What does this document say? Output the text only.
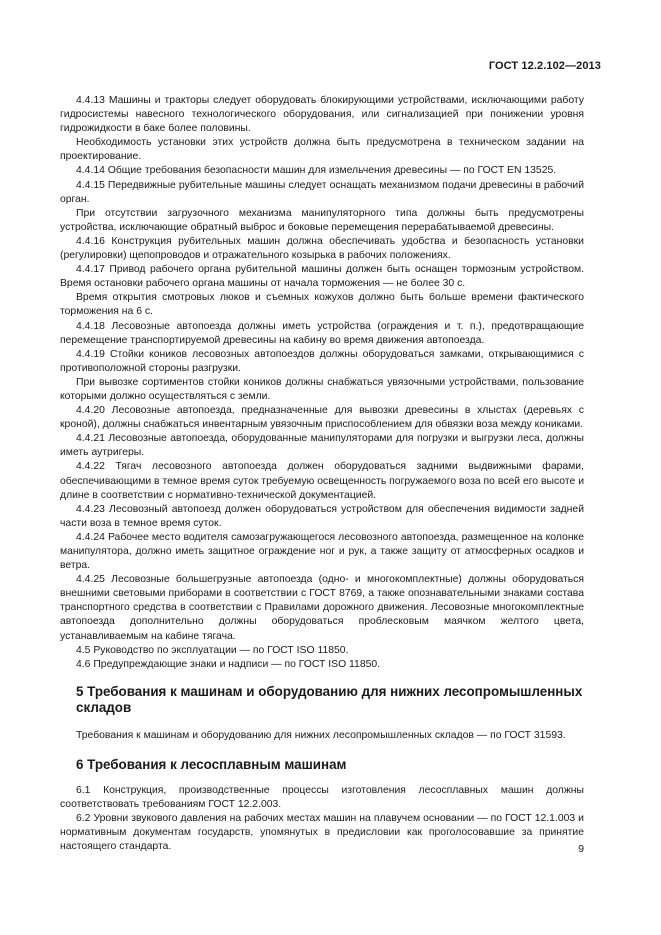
ГОСТ 12.2.102—2013

4.4.13 Машины и тракторы следует оборудовать блокирующими устройствами, исключающими работу гидросистемы навесного технологического оборудования, или сигнализацией при понижении уровня гидрожидкости в баке более половины.

Необходимость установки этих устройств должна быть предусмотрена в техническом задании на проектирование.

4.4.14 Общие требования безопасности машин для измельчения древесины — по ГОСТ EN 13525.

4.4.15 Передвижные рубительные машины следует оснащать механизмом подачи древесины в рабочий орган.

При отсутствии загрузочного механизма манипуляторного типа должны быть предусмотрены устройства, исключающие обратный выброс и боковые перемещения перерабатываемой древесины.

4.4.16 Конструкция рубительных машин должна обеспечивать удобства и безопасность установки (регулировки) щепопроводов и отражательного козырька в рабочих положениях.

4.4.17 Привод рабочего органа рубительной машины должен быть оснащен тормозным устройством. Время остановки рабочего органа машины от начала торможения — не более 30 с.

Время открытия смотровых люков и съемных кожухов должно быть больше времени фактического торможения на 6 с.

4.4.18 Лесовозные автопоезда должны иметь устройства (ограждения и т. п.), предотвращающие перемещение транспортируемой древесины на кабину во время движения автопоезда.

4.4.19 Стойки коников лесовозных автопоездов должны оборудоваться замками, открывающимися с противоположной стороны разгрузки.

При вывозке сортиментов стойки коников должны снабжаться увязочными устройствами, пользование которыми должно осуществляться с земли.

4.4.20 Лесовозные автопоезда, предназначенные для вывозки древесины в хлыстах (деревьях с кроной), должны снабжаться инвентарным увязочным приспособлением для обвязки воза между кониками.

4.4.21 Лесовозные автопоезда, оборудованные манипуляторами для погрузки и выгрузки леса, должны иметь аутригеры.

4.4.22 Тягач лесовозного автопоезда должен оборудоваться задними выдвижными фарами, обеспечивающими в темное время суток требуемую освещенность погружаемого воза по всей его высоте и длине в соответствии с нормативно-технической документацией.

4.4.23 Лесовозный автопоезд должен оборудоваться устройством для обеспечения видимости задней части воза в темное время суток.

4.4.24 Рабочее место водителя самозагружающегося лесовозного автопоезда, размещенное на колонке манипулятора, должно иметь защитное ограждение ног и рук, а также защиту от атмосферных осадков и ветра.

4.4.25 Лесовозные большегрузные автопоезда (одно- и многокомплектные) должны оборудоваться внешними световыми приборами в соответствии с ГОСТ 8769, а также опознавательными знаками состава транспортного средства в соответствии с Правилами дорожного движения. Лесовозные многокомплектные автопоезда дополнительно должны оборудоваться проблесковым маячком желтого цвета, устанавливаемым на кабине тягача.

4.5 Руководство по эксплуатации — по ГОСТ ISO 11850.

4.6 Предупреждающие знаки и надписи — по ГОСТ ISO 11850.

5 Требования к машинам и оборудованию для нижних лесопромышленных складов

Требования к машинам и оборудованию для нижних лесопромышленных складов — по ГОСТ 31593.

6 Требования к лесосплавным машинам

6.1 Конструкция, производственные процессы изготовления лесосплавных машин должны соответствовать требованиям ГОСТ 12.2.003.

6.2 Уровни звукового давления на рабочих местах машин на плавучем основании — по ГОСТ 12.1.003 и нормативным документам государств, упомянутых в предисловии как проголосовавшие за принятие настоящего стандарта.	9
